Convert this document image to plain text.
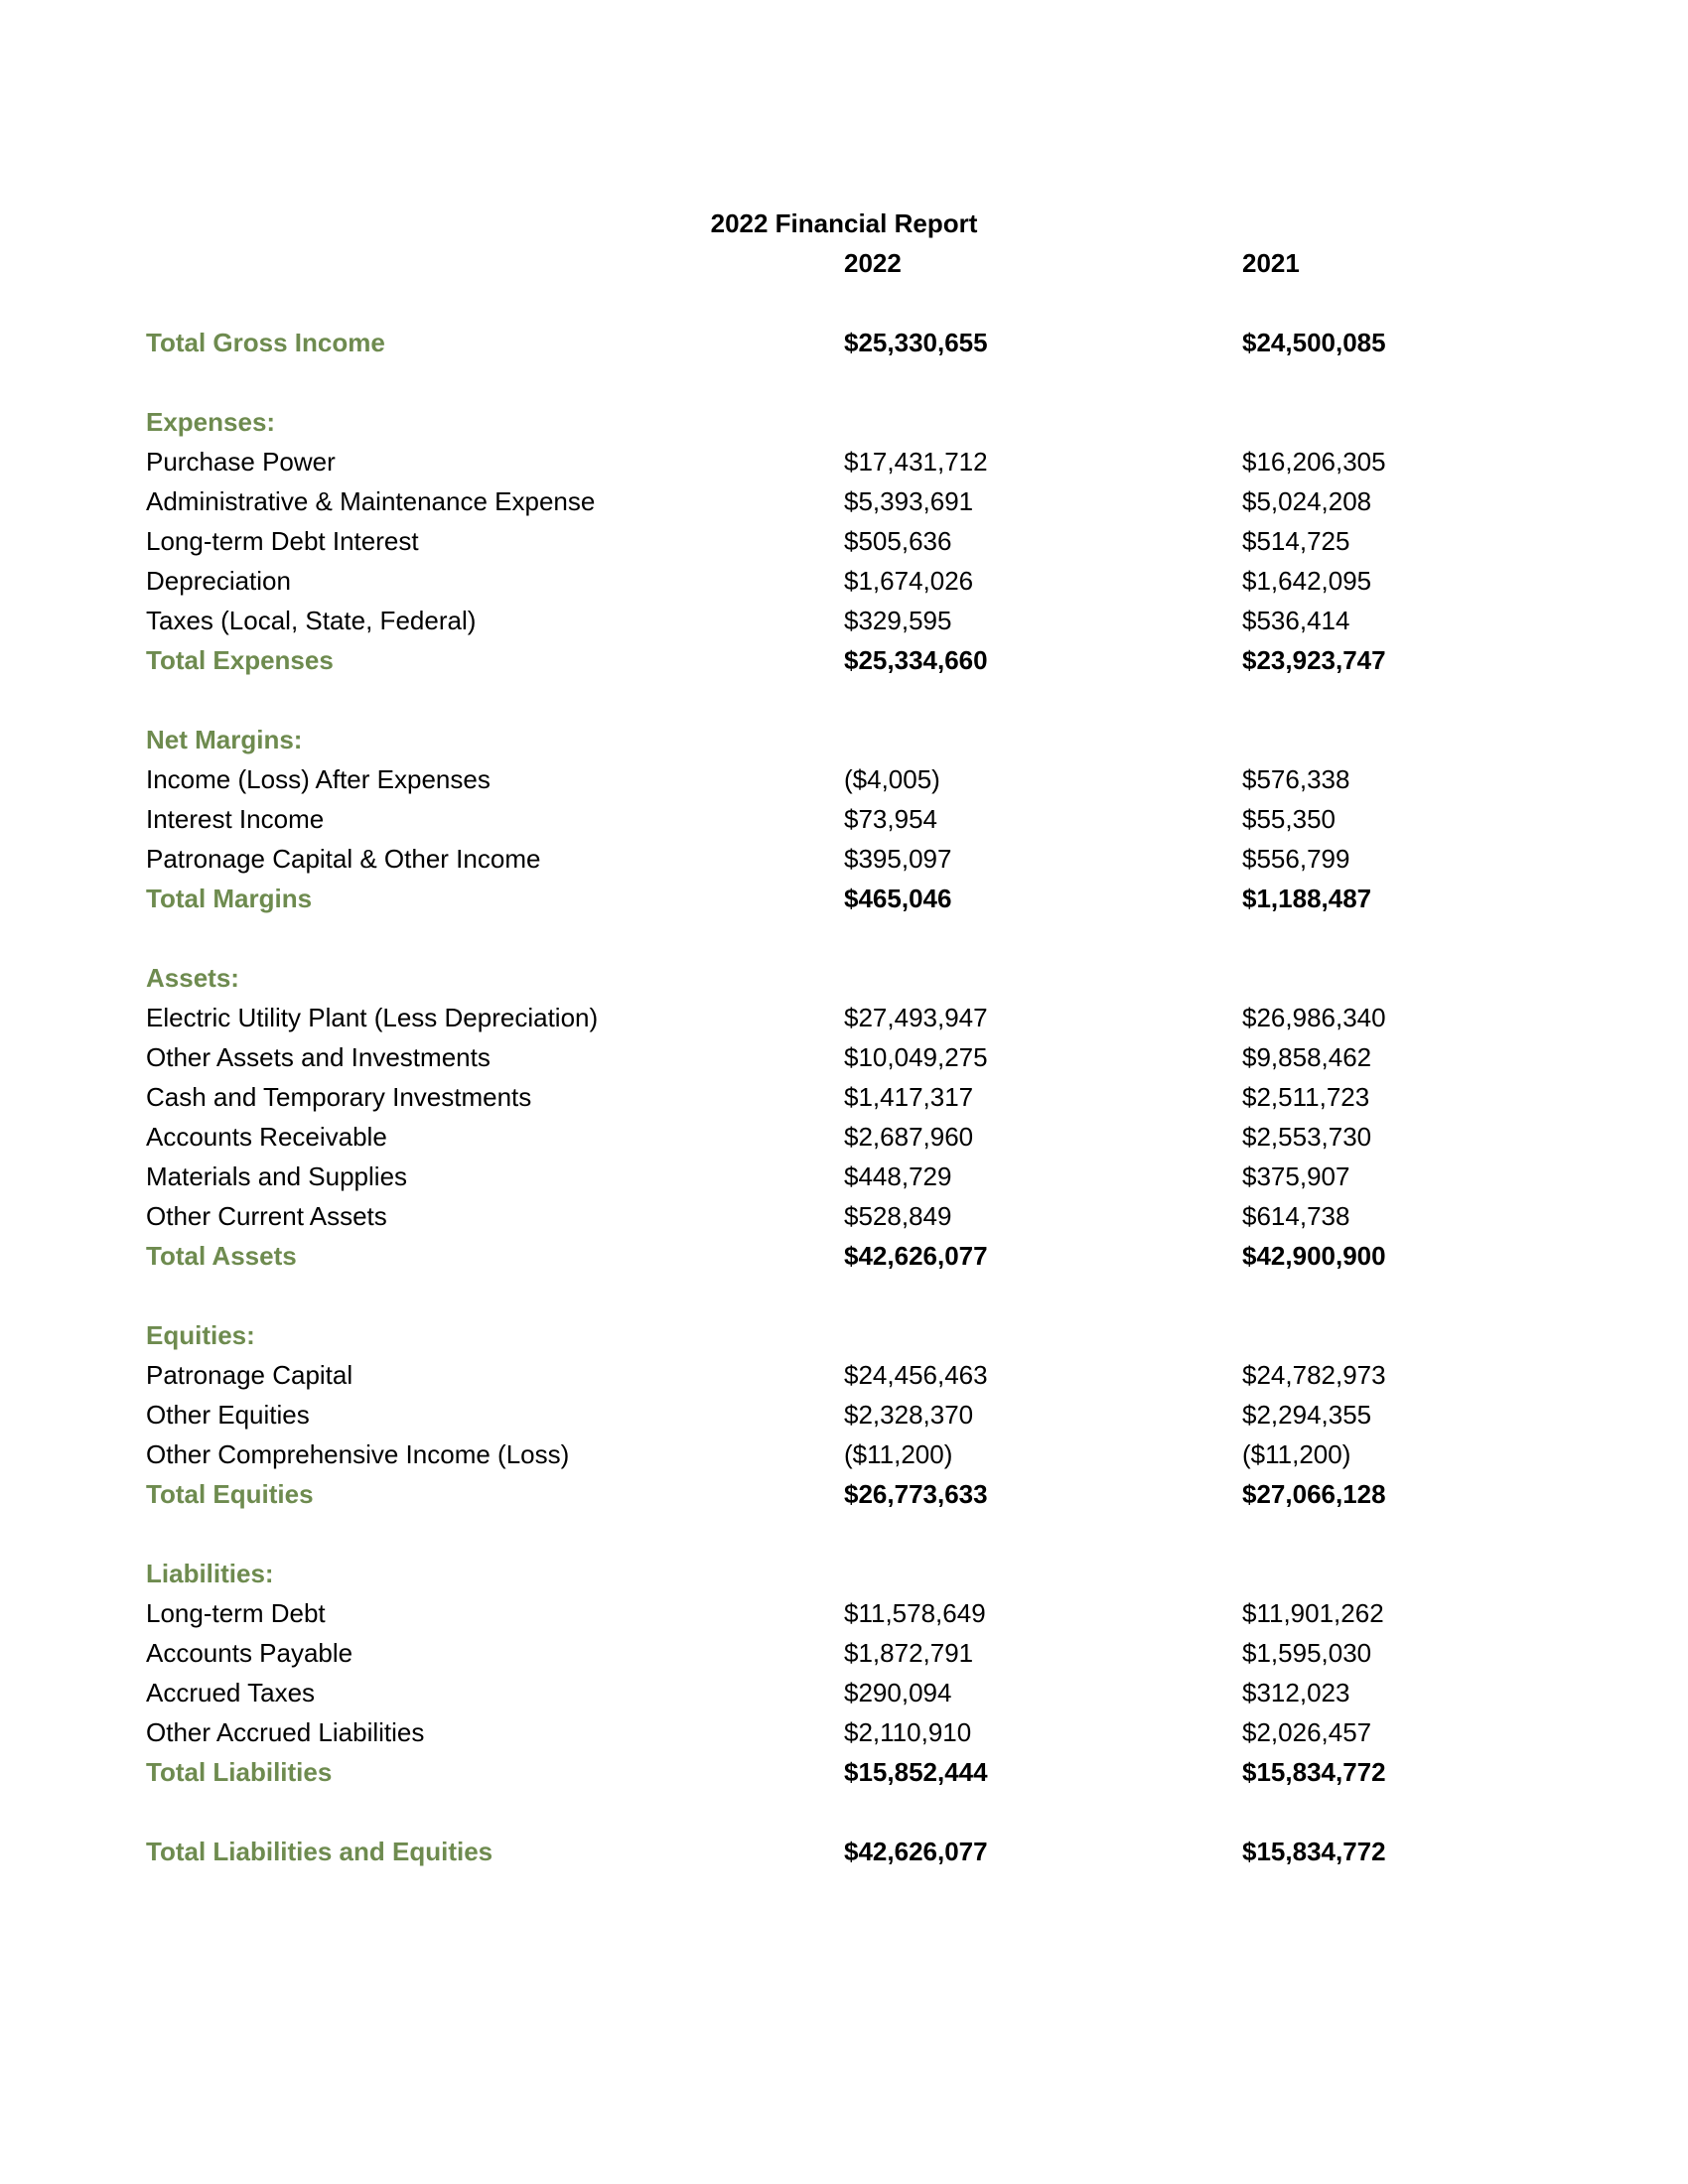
2022 Financial Report
2022	2021
Total Gross Income	$25,330,655	$24,500,085
Expenses:
Purchase Power	$17,431,712	$16,206,305
Administrative & Maintenance Expense	$5,393,691	$5,024,208
Long-term Debt Interest	$505,636	$514,725
Depreciation	$1,674,026	$1,642,095
Taxes (Local, State, Federal)	$329,595	$536,414
Total Expenses	$25,334,660	$23,923,747
Net Margins:
Income (Loss) After Expenses	($4,005)	$576,338
Interest Income	$73,954	$55,350
Patronage Capital & Other Income	$395,097	$556,799
Total Margins	$465,046	$1,188,487
Assets:
Electric Utility Plant (Less Depreciation)	$27,493,947	$26,986,340
Other Assets and Investments	$10,049,275	$9,858,462
Cash and Temporary Investments	$1,417,317	$2,511,723
Accounts Receivable	$2,687,960	$2,553,730
Materials and Supplies	$448,729	$375,907
Other Current Assets	$528,849	$614,738
Total Assets	$42,626,077	$42,900,900
Equities:
Patronage Capital	$24,456,463	$24,782,973
Other Equities	$2,328,370	$2,294,355
Other Comprehensive Income (Loss)	($11,200)	($11,200)
Total Equities	$26,773,633	$27,066,128
Liabilities:
Long-term Debt	$11,578,649	$11,901,262
Accounts Payable	$1,872,791	$1,595,030
Accrued Taxes	$290,094	$312,023
Other Accrued Liabilities	$2,110,910	$2,026,457
Total Liabilities	$15,852,444	$15,834,772
Total Liabilities and Equities	$42,626,077	$15,834,772
